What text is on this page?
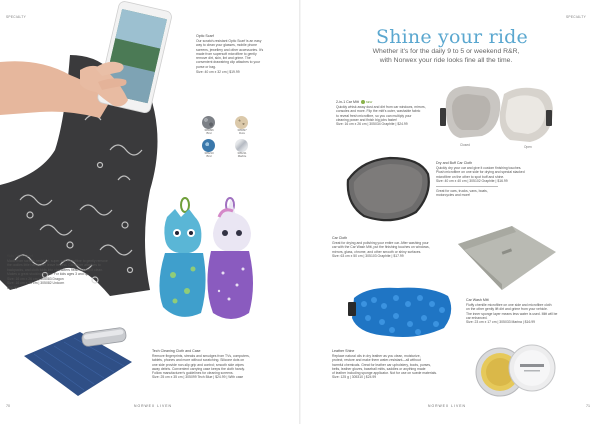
SPECIALTY	SPECIALTY
Optic Scarf
Our scratch-resistant Optic Scarf is an easy
way to clean your glasses, mobile phone
screens, jewellery and other accessories. It's
made from supersoft microfibre to gently
remove dirt, skin, lint and grime. The
convenient drawstring clip attaches to your
purse or bag.
Size: 40 cm x 32 cm | $19.99
305096
Bird
305097
Dots
305210
Bird
305211
Marble
Kids Optic Scarf
Made from scratch-resistant, super-soft microfibre to gently remove
the oodles little hands can leave behind. Carabiner attaches to
backpacks, and cloth folds into characters head to keep it clean.
Makes a great stocking stuffer. For kids ages 3 and up.
Size: 16 cm x 26 cm | 305083 Dragon
Size: 16 cm x 26 cm | 305082 Unicorn
$20.99
Tech Cleaning Cloth and Case
Remove fingerprints, streaks and smudges from TVs, computers,
tablets, phones and more without scratching. Silicone dots on
one side provide non-slip grip and control; smooth side wipes
away debris. Convenient carrying case keeps the cloth handy.
Follow manufacturer's guidelines for cleaning screens.
Size: 25 cm x 35 cm | 305099 Tech Blue | $24.99 | With case
70	NORWEX LIVEN
Shine your ride
Whether it's for the daily 9 to 5 or weekend R&R,
with Norwex your ride looks fine all the time.
2-in-1 Car Mitt	NEW
Quickly whisk away dust and dirt from car windows, mirrors,
consoles and more. Flip the mitt's outer, washable fabric
to reveal fresh microfibre, so you can multiply your
cleaning power and finish big jobs faster!
Size: 16 cm x 26 cm | 305034 Graphite | $24.99
Closed	Open
Dry and Buff Car Cloth
Quickly dry your car and give it custom finishing touches.
Plush microfibre on one side for drying and special stacked
microfibre on the other to spot buff and shine.
Size: 40 cm x 40 cm | 305102 Graphite | $16.99
Great for cars, trucks, vans, boats,
motorcycles and more!
Car Cloth
Great for drying and polishing your entire car. After washing your
car with the Car Wash Mitt, put the finishing touches on windows,
mirrors, glass, chrome, and other smooth or shiny surfaces.
Size: 63 cm x 50 cm | 305103 Graphite | $17.99
Car Wash Mitt
Fluffy chenille microfibre on one side and microfibre cloth
on the other gently lift dirt and grime from your vehicle.
The inner sponge layer means less water is used. Mitt will be
car enhanced.
Size: 23 cm x 17 cm | 305033 Marina | $16.99
Leather Shine
Replace natural oils in dry leather as you clean, moisturize,
protect, restore and make them water-resistant—all without
harmful chemicals. Great for leather car upholstery, boots, purses,
belts, leather gloves, baseball mitts, saddles or anything made
of leather including sponge applicator. Not for use on suede materials.
Size: 125 g | 305310 | $24.99
NORWEX LIVEN	71
